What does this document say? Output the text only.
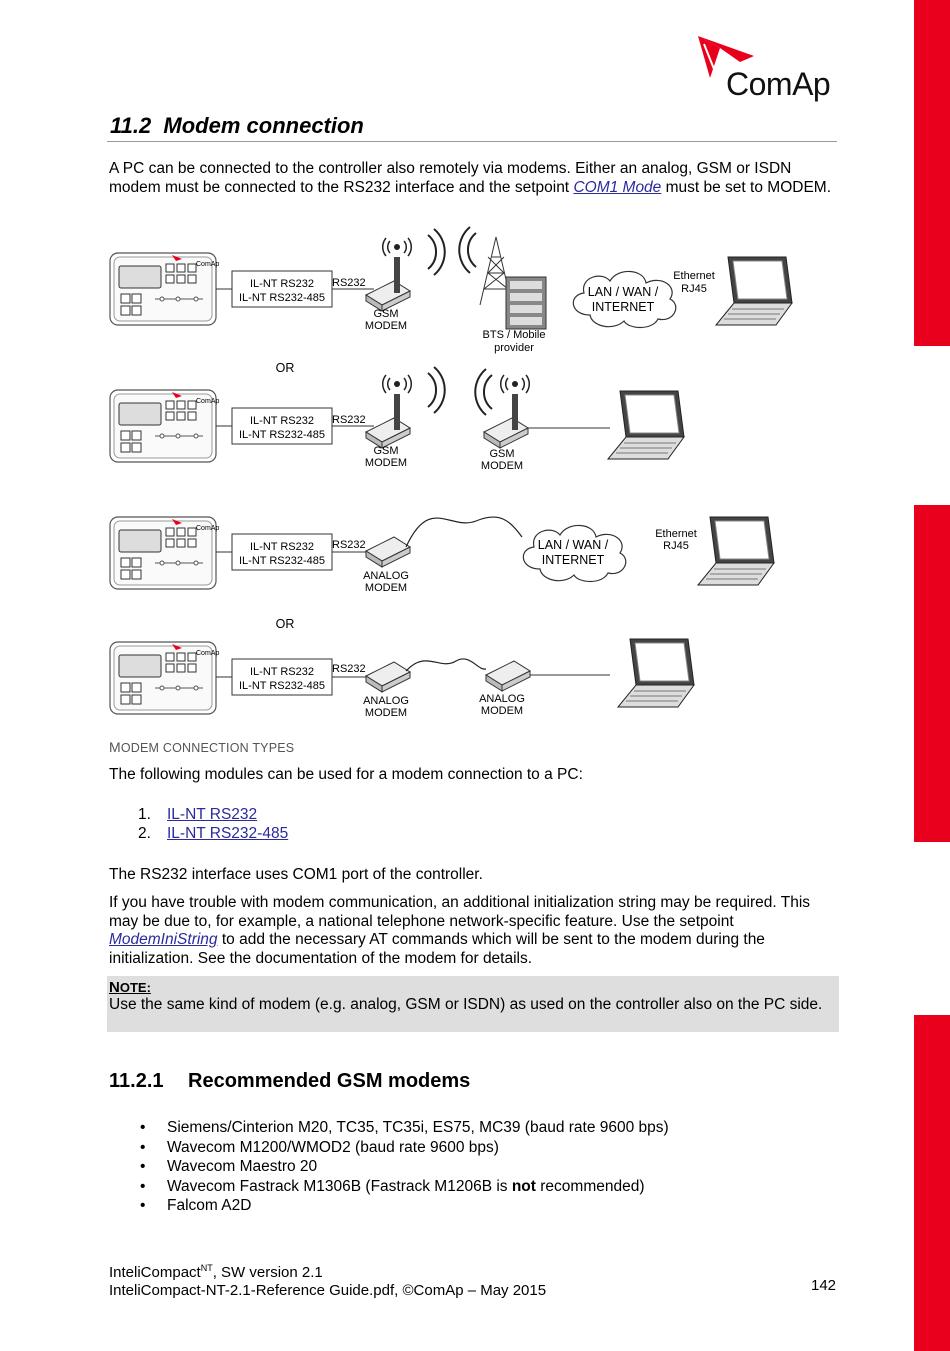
ComAp
11.2 Modem connection

A PC can be connected to the controller also remotely via modems. Either an analog, GSM or ISDN modem must be connected to the RS232 interface and the setpoint COM1 Mode must be set to MODEM.

ComAp
IL-NT RS232
IL-NT RS232-485
RS232
GSM
MODEM
BTS / Mobile
provider
LAN / WAN /
INTERNET
Ethernet
RJ45
OR
ComAp
IL-NT RS232
IL-NT RS232-485
RS232
GSM
MODEM
GSM
MODEM
ComAp
IL-NT RS232
IL-NT RS232-485
RS232
ANALOG
MODEM
LAN / WAN /
INTERNET
Ethernet
RJ45
OR
ComAp
IL-NT RS232
IL-NT RS232-485
RS232
ANALOG
MODEM
ANALOG
MODEM
MODEM CONNECTION TYPES

The following modules can be used for a modem connection to a PC:

1.	IL-NT RS232
2.	IL-NT RS232-485

The RS232 interface uses COM1 port of the controller.

If you have trouble with modem communication, an additional initialization string may be required. This may be due to, for example, a national telephone network-specific feature. Use the setpoint ModemIniString to add the necessary AT commands which will be sent to the modem during the initialization. See the documentation of the modem for details.

NOTE:
Use the same kind of modem (e.g. analog, GSM or ISDN) as used on the controller also on the PC side.
11.2.1 Recommended GSM modems
•	Siemens/Cinterion M20, TC35, TC35i, ES75, MC39 (baud rate 9600 bps)
•	Wavecom M1200/WMOD2 (baud rate 9600 bps)
•	Wavecom Maestro 20
•	Wavecom Fastrack M1306B (Fastrack M1206B is not recommended)
•	Falcom A2D
InteliCompact$^{NT}$, SW version 2.1
InteliCompact-NT-2.1-Reference Guide.pdf, ©ComAp – May 2015	142
